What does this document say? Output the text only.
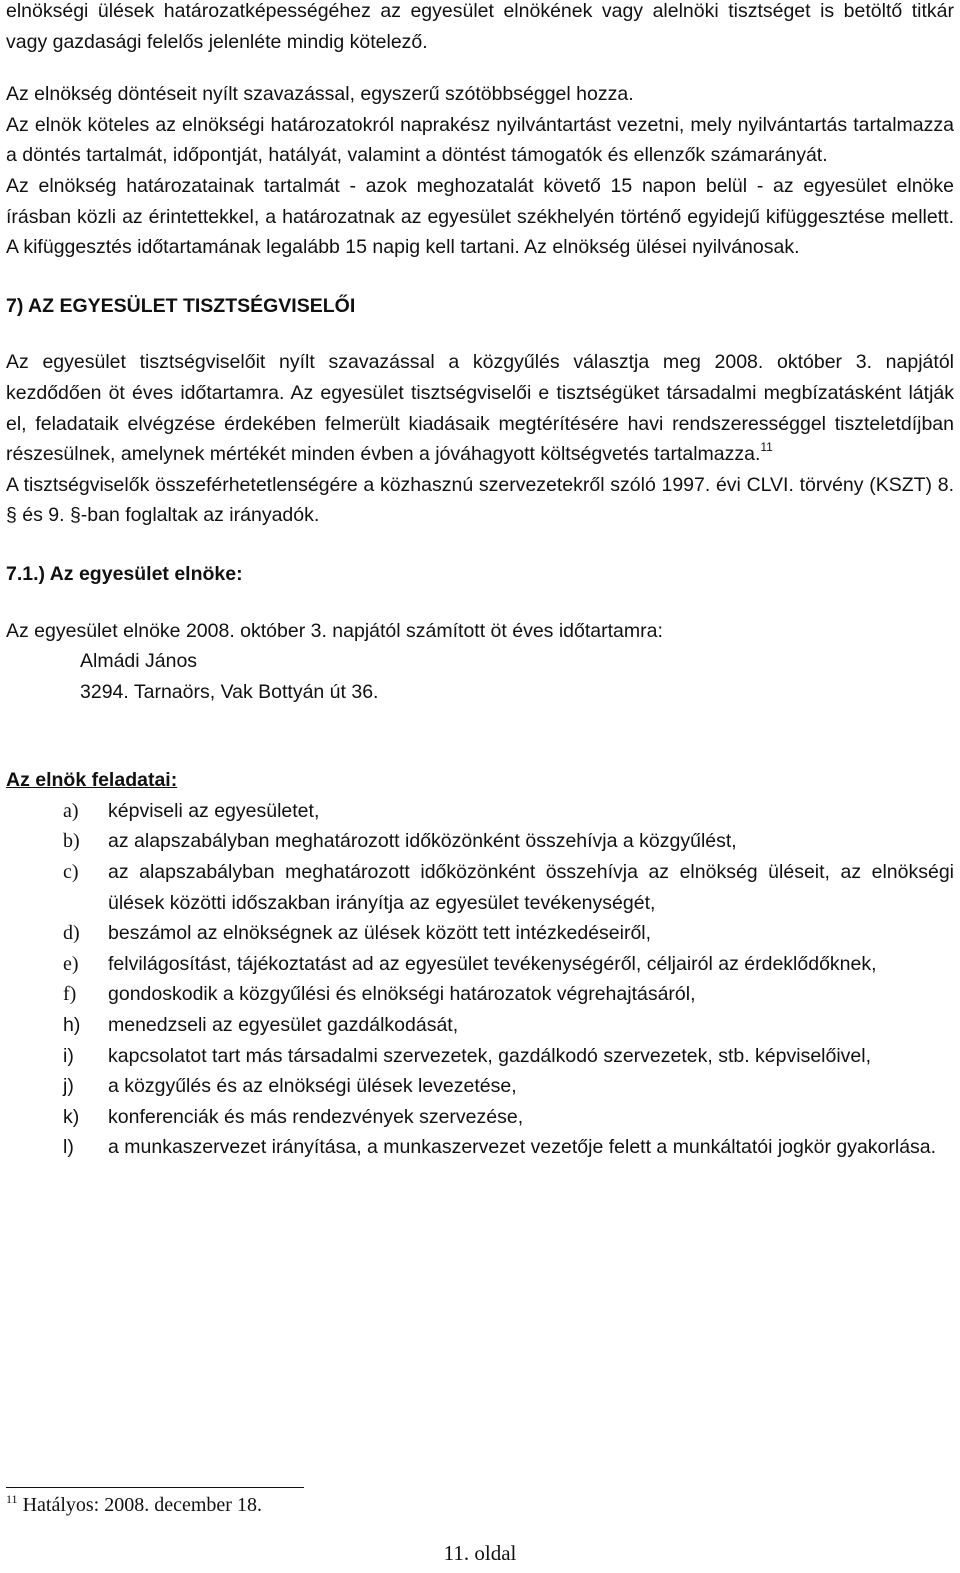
elnökségi ülések határozatképességéhez az egyesület elnökének vagy alelnöki tisztséget is betöltő titkár vagy gazdasági felelős jelenléte mindig kötelező.

Az elnökség döntéseit nyílt szavazással, egyszerű szótöbbséggel hozza.

Az elnök köteles az elnökségi határozatokról naprakész nyilvántartást vezetni, mely nyilvántartás tartalmazza a döntés tartalmát, időpontját, hatályát, valamint a döntést támogatók és ellenzők számarányát.

Az elnökség határozatainak tartalmát - azok meghozatalát követő 15 napon belül - az egyesület elnöke írásban közli az érintettekkel, a határozatnak az egyesület székhelyén történő egyidejű kifüggesztése mellett. A kifüggesztés időtartamának legalább 15 napig kell tartani. Az elnökség ülései nyilvánosak.

7) AZ EGYESÜLET TISZTSÉGVISELŐI

Az egyesület tisztségviselőit nyílt szavazással a közgyűlés választja meg 2008. október 3. napjától kezdődően öt éves időtartamra. Az egyesület tisztségviselői e tisztségüket társadalmi megbízatásként látják el, feladataik elvégzése érdekében felmerült kiadásaik megtérítésére havi rendszerességgel tiszteletdíjban részesülnek, amelynek mértékét minden évben a jóváhagyott költségvetés tartalmazza.$^{11}$

A tisztségviselők összeférhetetlenségére a közhasznú szervezetekről szóló 1997. évi CLVI. törvény (KSZT) 8. § és 9. §-ban foglaltak az irányadók.

7.1.) Az egyesület elnöke:

Az egyesület elnöke 2008. október 3. napjától számított öt éves időtartamra:

Almádi János

3294. Tarnaörs, Vak Bottyán út 36.

Az elnök feladatai:

a)	képviseli az egyesületet,
b)	az alapszabályban meghatározott időközönként összehívja a közgyűlést,
c)	az alapszabályban meghatározott időközönként összehívja az elnökség üléseit, az elnökségi ülések közötti időszakban irányítja az egyesület tevékenységét,
d)	beszámol az elnökségnek az ülések között tett intézkedéseiről,
e)	felvilágosítást, tájékoztatást ad az egyesület tevékenységéről, céljairól az érdeklődőknek,
f)	gondoskodik a közgyűlési és elnökségi határozatok végrehajtásáról,
h)	menedzseli az egyesület gazdálkodását,
i)	kapcsolatot tart más társadalmi szervezetek, gazdálkodó szervezetek, stb. képviselőivel,
j)	a közgyűlés és az elnökségi ülések levezetése,
k)	konferenciák és más rendezvények szervezése,
l)	a munkaszervezet irányítása, a munkaszervezet vezetője felett a munkáltatói jogkör gyakorlása.
$^{11}$ Hatályos: 2008. december 18.
11. oldal
